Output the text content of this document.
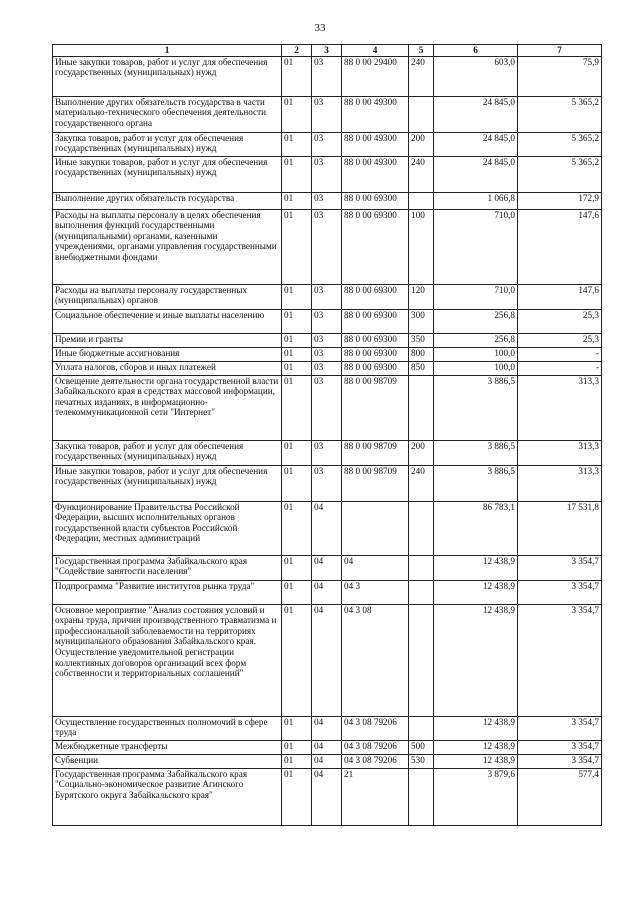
33
1	2	3	4	5	6	7
Иные закупки товаров, работ и услуг для обеспечения государственных (муниципальных) нужд	01	03	88 0 00 29400	240	603,0	75,9
Выполнение других обязательств государства в части материально-технического обеспечения деятельности государственного органа	01	03	88 0 00 49300		24 845,0	5 365,2
Закупка товаров, работ и услуг для обеспечения государственных (муниципальных) нужд	01	03	88 0 00 49300	200	24 845,0	5 365,2
Иные закупки товаров, работ и услуг для обеспечения государственных (муниципальных) нужд	01	03	88 0 00 49300	240	24 845,0	5 365,2
Выполнение других обязательств государства	01	03	88 0 00 69300		1 066,8	172,9
Расходы на выплаты персоналу в целях обеспечения выполнения функций государственными (муниципальными) органами, казенными учреждениями, органами управления государственными внебюджетными фондами	01	03	88 0 00 69300	100	710,0	147,6
Расходы на выплаты персоналу государственных (муниципальных) органов	01	03	88 0 00 69300	120	710,0	147,6
Социальное обеспечение и иные выплаты населению	01	03	88 0 00 69300	300	256,8	25,3
Премии и гранты	01	03	88 0 00 69300	350	256,8	25,3
Иные бюджетные ассигнования	01	03	88 0 00 69300	800	100,0	-
Уплата налогов, сборов и иных платежей	01	03	88 0 00 69300	850	100,0	-
Освещение деятельности органа государственной власти Забайкальского края в средствах массовой информации, печатных изданиях, в информационно-телекоммуникационной сети "Интернет"	01	03	88 0 00 98709		3 886,5	313,3
Закупка товаров, работ и услуг для обеспечения государственных (муниципальных) нужд	01	03	88 0 00 98709	200	3 886,5	313,3
Иные закупки товаров, работ и услуг для обеспечения государственных (муниципальных) нужд	01	03	88 0 00 98709	240	3 886,5	313,3
Функционирование Правительства Российской Федерации, высших исполнительных органов государственной власти субъектов Российской Федерации, местных администраций	01	04			86 783,1	17 531,8
Государственная программа Забайкальского края "Содействие занятости населения"	01	04	04		12 438,9	3 354,7
Подпрограмма "Развитие институтов рынка труда"	01	04	04 3		12 438,9	3 354,7
Основное мероприятие "Анализ состояния условий и охраны труда, причин производственного травматизма и профессиональной заболеваемости на территориях муниципального образования Забайкальского края. Осуществление уведомительной регистрации коллективных договоров организаций всех форм собственности и территориальных соглашений"	01	04	04 3 08		12 438,9	3 354,7
Осуществление государственных полномочий в сфере труда	01	04	04 3 08 79206		12 438,9	3 354,7
Межбюджетные трансферты	01	04	04 3 08 79206	500	12 438,9	3 354,7
Субвенции	01	04	04 3 08 79206	530	12 438,9	3 354,7
Государственная программа Забайкальского края "Социально-экономическое развитие Агинского Бурятского округа Забайкальского края"	01	04	21		3 879,6	577,4
